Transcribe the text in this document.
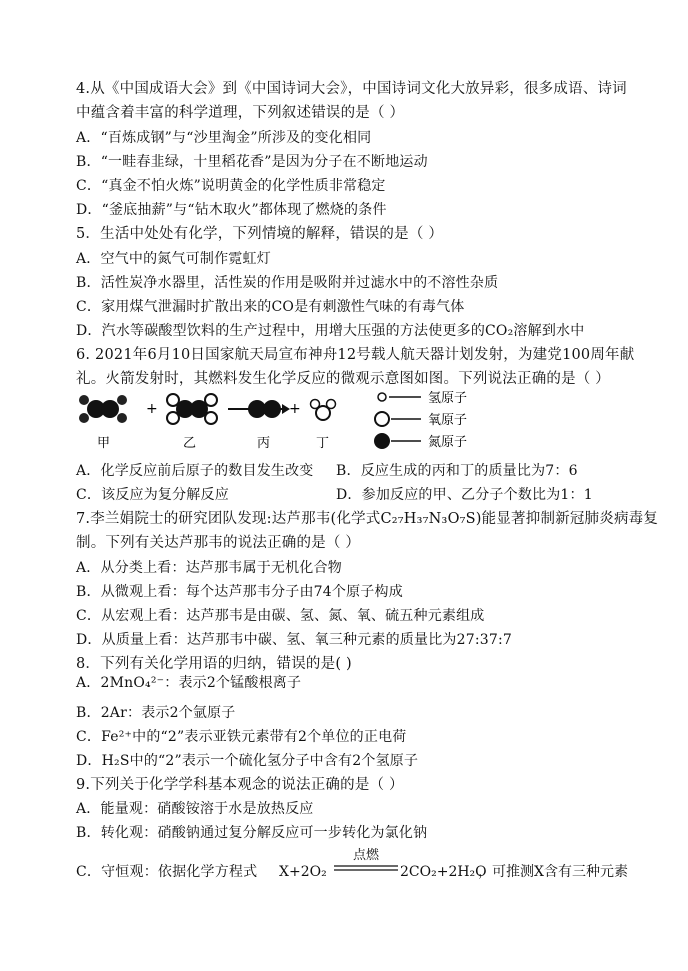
4.从《中国成语大会》到《中国诗词大会》，中国诗词文化大放异彩，很多成语、诗词
中蕴含着丰富的科学道理，下列叙述错误的是（ ）
A．“百炼成钢”与“沙里淘金”所涉及的变化相同
B．“一畦春韭绿，十里稻花香”是因为分子在不断地运动
C．“真金不怕火炼”说明黄金的化学性质非常稳定
D．“釜底抽薪”与“钻木取火”都体现了燃烧的条件
5．生活中处处有化学，下列情境的解释，错误的是（ ）
A．空气中的氮气可制作霓虹灯
B．活性炭净水器里，活性炭的作用是吸附并过滤水中的不溶性杂质
C．家用煤气泄漏时扩散出来的CO是有刺激性气味的有毒气体
D．汽水等碳酸型饮料的生产过程中，用增大压强的方法使更多的CO₂溶解到水中
6. 2021年6月10日国家航天局宣布神舟12号载人航天器计划发射，为建党100周年献
礼。火箭发射时，其燃料发生化学反应的微观示意图如图。下列说法正确的是（ ）
+	+
甲	乙	丙	丁
氢原子
氧原子
氮原子
A．化学反应前后原子的数目发生改变 B．反应生成的丙和丁的质量比为7：6
C．该反应为复分解反应	D．参加反应的甲、乙分子个数比为1：1
7.李兰娟院士的研究团队发现:达芦那韦(化学式C₂₇H₃₇N₃O₇S)能显著抑制新冠肺炎病毒复
制。下列有关达芦那韦的说法正确的是（ ）
A．从分类上看：达芦那韦属于无机化合物
B．从微观上看：每个达芦那韦分子由74个原子构成
C．从宏观上看：达芦那韦是由碳、氢、氮、氧、硫五种元素组成
D．从质量上看：达芦那韦中碳、氢、氧三种元素的质量比为27:37:7
8．下列有关化学用语的归纳，错误的是( )
A．2MnO₄²⁻：表示2个锰酸根离子
B．2Ar：表示2个氩原子
C．Fe²⁺中的“2”表示亚铁元素带有2个单位的正电荷
D．H₂S中的“2”表示一个硫化氢分子中含有2个氢原子
9.下列关于化学学科基本观念的说法正确的是（ ）
A．能量观：硝酸铵溶于水是放热反应
B．转化观：硝酸钠通过复分解反应可一步转化为氯化钠
C．守恒观：依据化学方程式 X+2O₂
点燃
2CO₂+2H₂O
，可推测X含有三种元素
